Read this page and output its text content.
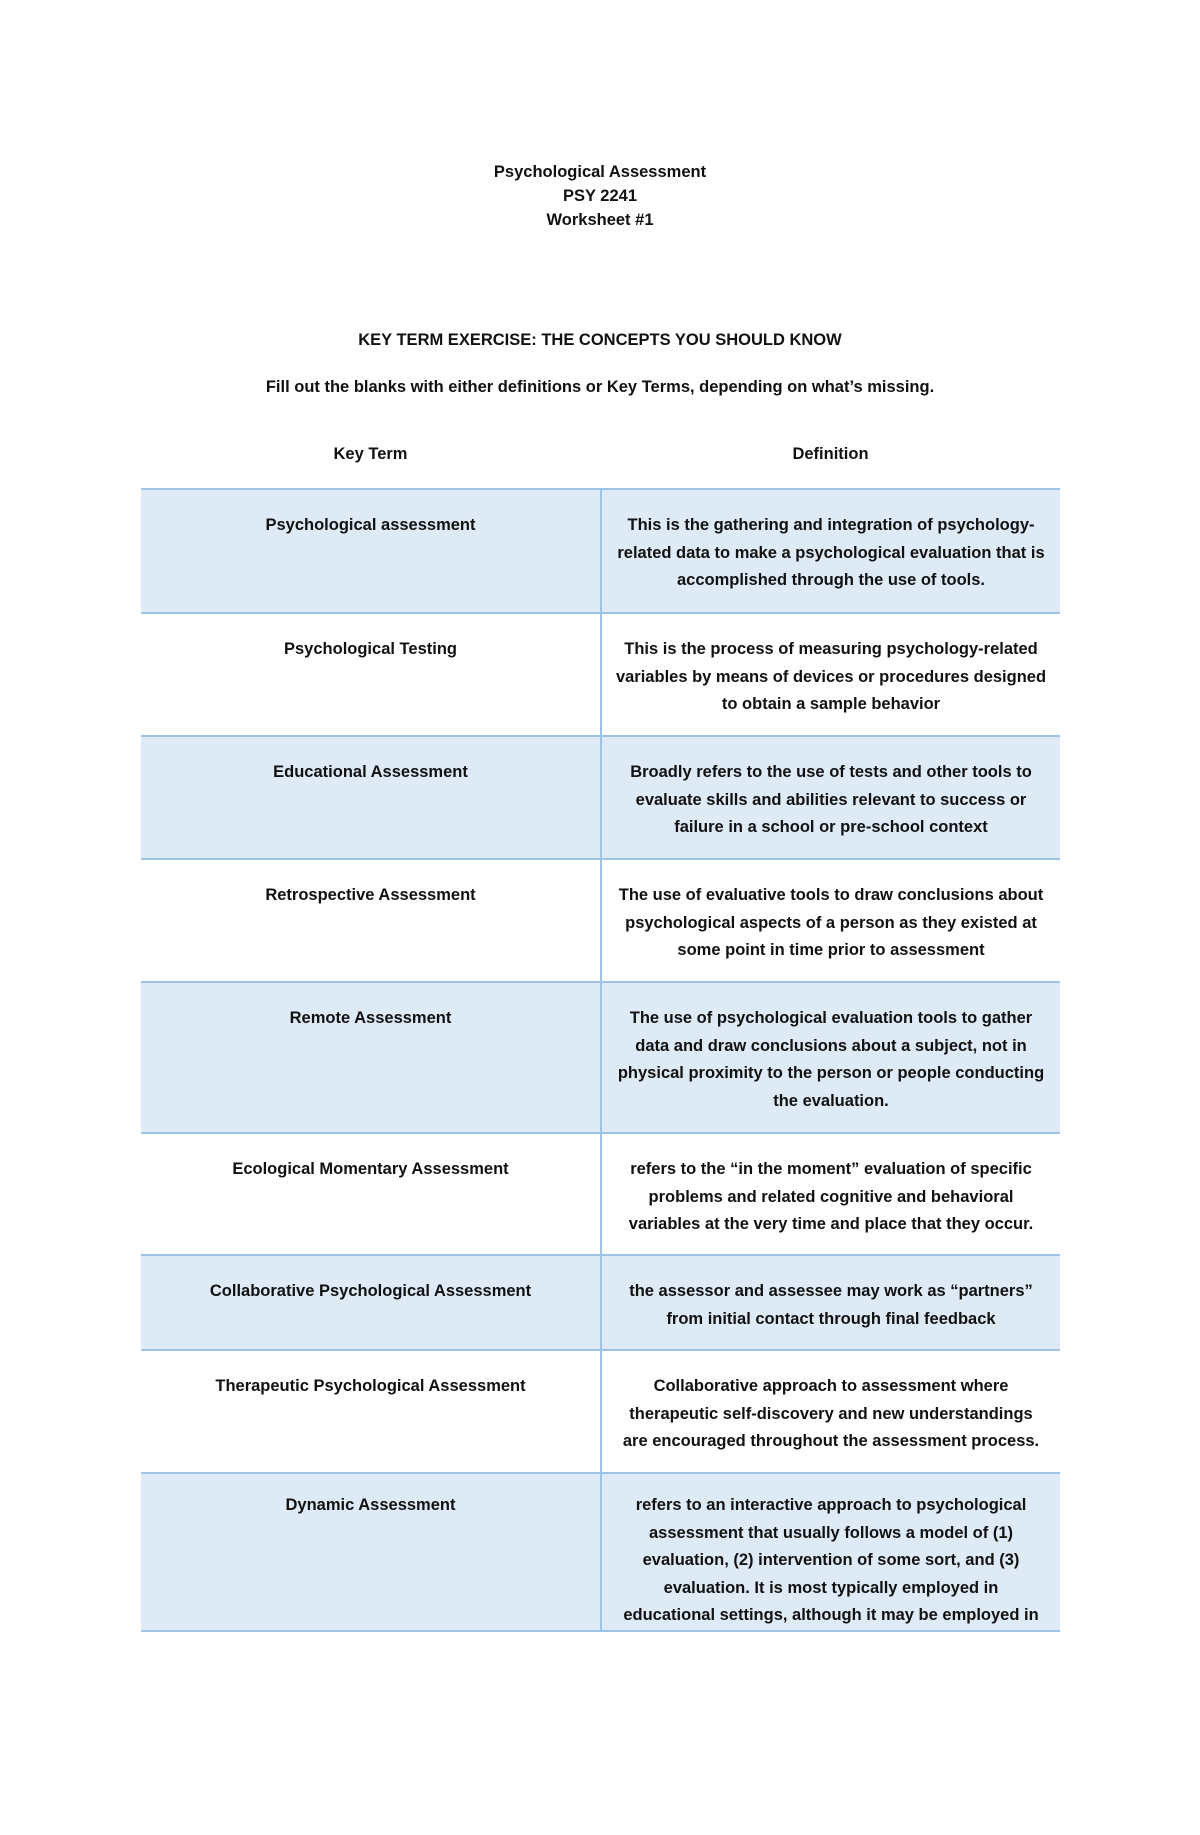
Psychological Assessment
PSY 2241
Worksheet #1
KEY TERM EXERCISE: THE CONCEPTS YOU SHOULD KNOW
Fill out the blanks with either definitions or Key Terms, depending on what’s missing.
Key Term	Definition
Psychological assessment	This is the gathering and integration of psychology-
related data to make a psychological evaluation that is
accomplished through the use of tools.
Psychological Testing	This is the process of measuring psychology-related
variables by means of devices or procedures designed
to obtain a sample behavior
Educational Assessment	Broadly refers to the use of tests and other tools to
evaluate skills and abilities relevant to success or
failure in a school or pre-school context
Retrospective Assessment	The use of evaluative tools to draw conclusions about
psychological aspects of a person as they existed at
some point in time prior to assessment
Remote Assessment	The use of psychological evaluation tools to gather
data and draw conclusions about a subject, not in
physical proximity to the person or people conducting
the evaluation.
Ecological Momentary Assessment	refers to the “in the moment” evaluation of specific
problems and related cognitive and behavioral
variables at the very time and place that they occur.
Collaborative Psychological Assessment	the assessor and assessee may work as “partners”
from initial contact through final feedback
Therapeutic Psychological Assessment	Collaborative approach to assessment where
therapeutic self-discovery and new understandings
are encouraged throughout the assessment process.
Dynamic Assessment	refers to an interactive approach to psychological
assessment that usually follows a model of (1)
evaluation, (2) intervention of some sort, and (3)
evaluation. It is most typically employed in
educational settings, although it may be employed in
